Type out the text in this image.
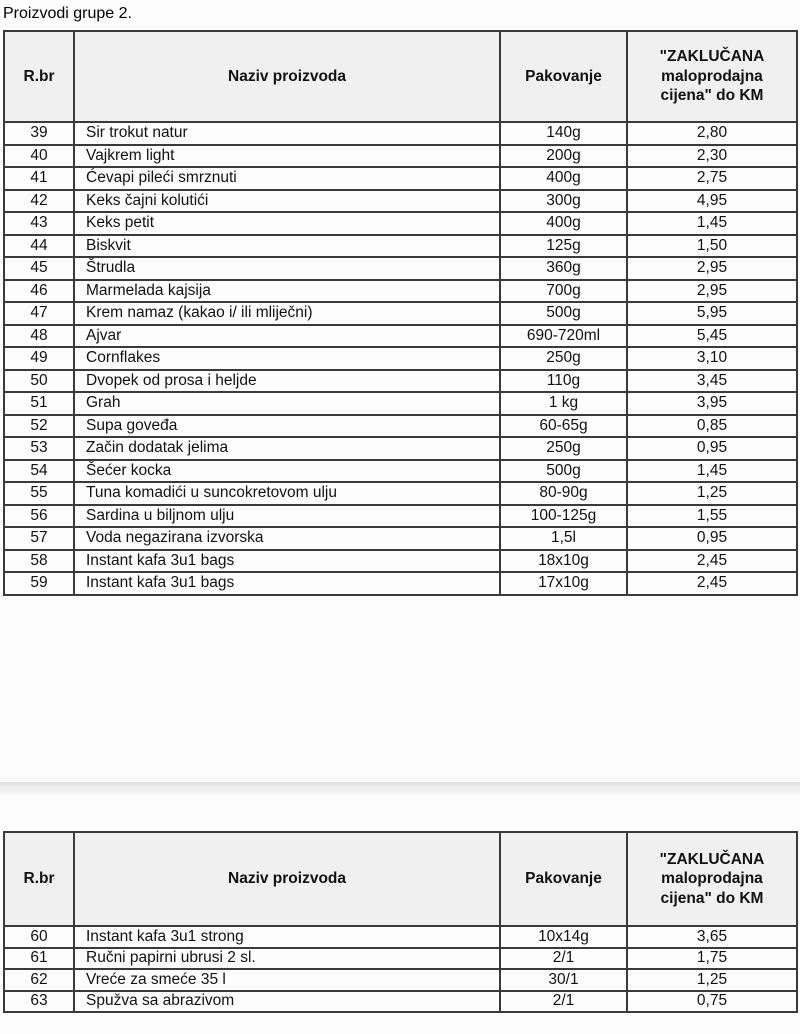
Proizvodi grupe 2.
R.br	Naziv proizvoda	Pakovanje	"ZAKLUČANA maloprodajna cijena" do KM
39	Sir trokut natur	140g	2,80
40	Vajkrem light	200g	2,30
41	Ćevapi pileći smrznuti	400g	2,75
42	Keks čajni kolutići	300g	4,95
43	Keks petit	400g	1,45
44	Biskvit	125g	1,50
45	Štrudla	360g	2,95
46	Marmelada kajsija	700g	2,95
47	Krem namaz (kakao i/ ili mliječni)	500g	5,95
48	Ajvar	690-720ml	5,45
49	Cornflakes	250g	3,10
50	Dvopek od prosa i heljde	110g	3,45
51	Grah	1 kg	3,95
52	Supa goveđa	60-65g	0,85
53	Začin dodatak jelima	250g	0,95
54	Šećer kocka	500g	1,45
55	Tuna komadići u suncokretovom ulju	80-90g	1,25
56	Sardina u biljnom ulju	100-125g	1,55
57	Voda negazirana izvorska	1,5l	0,95
58	Instant kafa 3u1 bags	18x10g	2,45
59	Instant kafa 3u1 bags	17x10g	2,45
R.br	Naziv proizvoda	Pakovanje	"ZAKLUČANA maloprodajna cijena" do KM
60	Instant kafa 3u1 strong	10x14g	3,65
61	Ručni papirni ubrusi 2 sl.	2/1	1,75
62	Vreće za smeće 35 l	30/1	1,25
63	Spužva sa abrazivom	2/1	0,75
